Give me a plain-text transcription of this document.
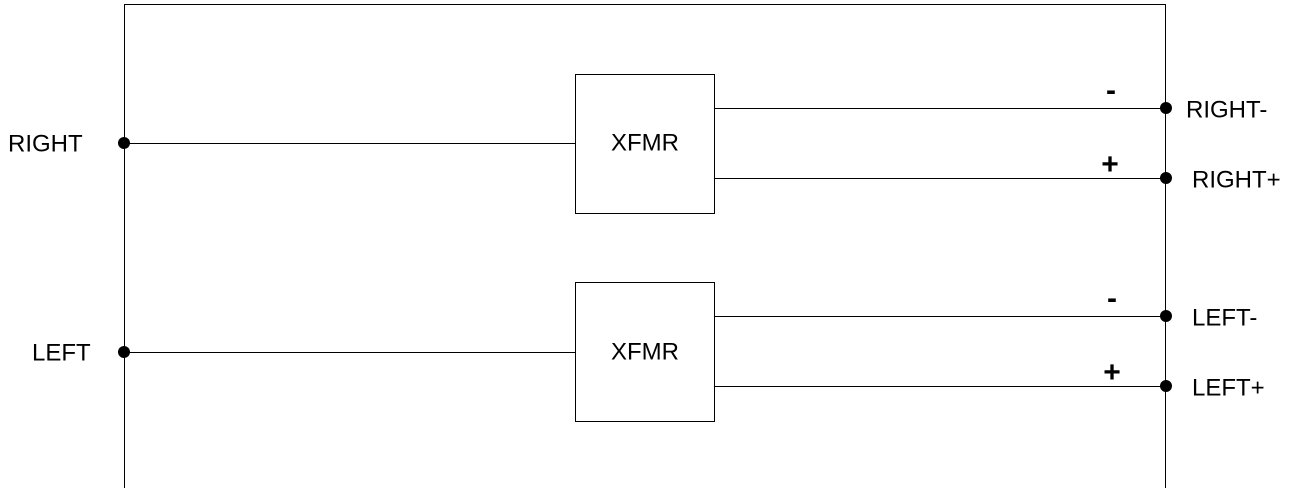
XFMR
RIGHT
-
+
RIGHT-
RIGHT+
XFMR
LEFT
-
+
LEFT-
LEFT+
